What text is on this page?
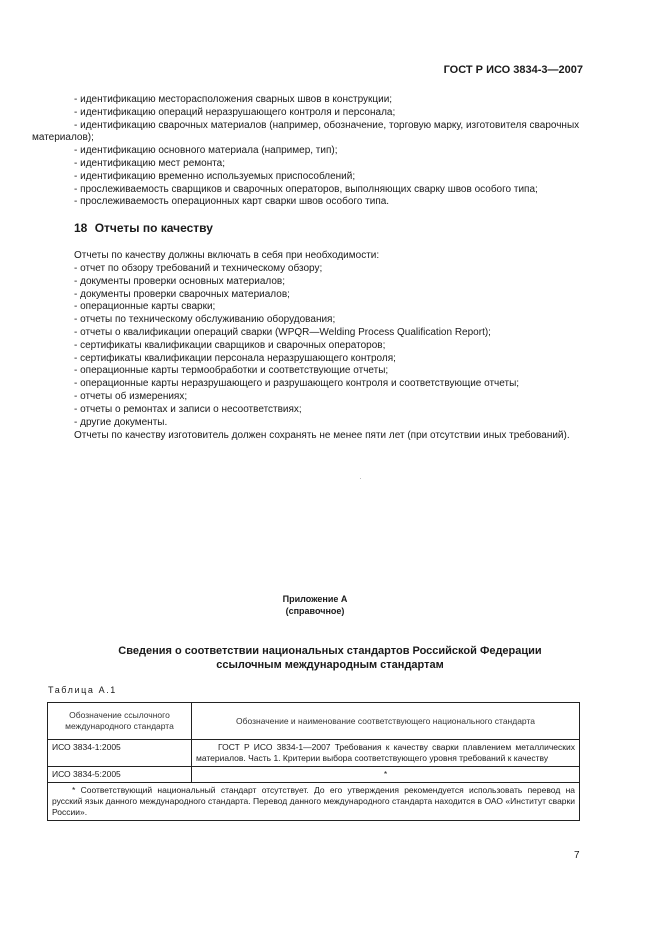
ГОСТ Р ИСО 3834-3—2007
- идентификацию месторасположения сварных швов в конструкции;
- идентификацию операций неразрушающего контроля и персонала;
- идентификацию сварочных материалов (например, обозначение, торговую марку, изготовителя сварочных материалов);
- идентификацию основного материала (например, тип);
- идентификацию мест ремонта;
- идентификацию временно используемых приспособлений;
- прослеживаемость сварщиков и сварочных операторов, выполняющих сварку швов особого типа;
- прослеживаемость операционных карт сварки швов особого типа.
18 Отчеты по качеству
Отчеты по качеству должны включать в себя при необходимости:
- отчет по обзору требований и техническому обзору;
- документы проверки основных материалов;
- документы проверки сварочных материалов;
- операционные карты сварки;
- отчеты по техническому обслуживанию оборудования;
- отчеты о квалификации операций сварки (WPQR—Welding Process Qualification Report);
- сертификаты квалификации сварщиков и сварочных операторов;
- сертификаты квалификации персонала неразрушающего контроля;
- операционные карты термообработки и соответствующие отчеты;
- операционные карты неразрушающего и разрушающего контроля и соответствующие отчеты;
- отчеты об измерениях;
- отчеты о ремонтах и записи о несоответствиях;
- другие документы.
Отчеты по качеству изготовитель должен сохранять не менее пяти лет (при отсутствии иных требований).
Приложение А
(справочное)
Сведения о соответствии национальных стандартов Российской Федерации
ссылочным международным стандартам
Таблица А.1
Обозначение ссылочного международного стандарта	Обозначение и наименование соответствующего национального стандарта
ИСО 3834-1:2005	ГОСТ Р ИСО 3834-1—2007 Требования к качеству сварки плавлением металлических материалов. Часть 1. Критерии выбора соответствующего уровня требований к качеству
ИСО 3834-5:2005	*
* Соответствующий национальный стандарт отсутствует. До его утверждения рекомендуется использовать перевод на русский язык данного международного стандарта. Перевод данного международного стандарта находится в ОАО «Институт сварки России».	
7
